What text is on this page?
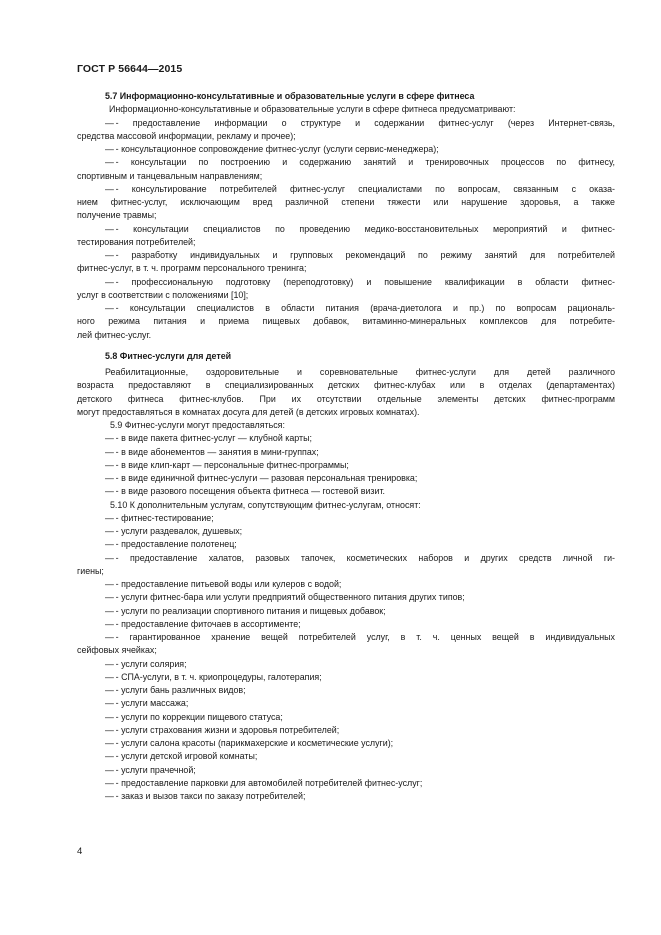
ГОСТ Р 56644—2015
5.7 Информационно-консультативные и образовательные услуги в сфере фитнеса
Информационно-консультативные и образовательные услуги в сфере фитнеса предусматривают:
— - предоставление информации о структуре и содержании фитнес-услуг (через Интернет-связь,
средства массовой информации, рекламу и прочее);
— - консультационное сопровождение фитнес-услуг (услуги сервис-менеджера);
— - консультации по построению и содержанию занятий и тренировочных процессов по фитнесу,
спортивным и танцевальным направлениям;
— - консультирование потребителей фитнес-услуг специалистами по вопросам, связанным с оказа-
нием фитнес-услуг, исключающим вред различной степени тяжести или нарушение здоровья, а также
получение травмы;
— - консультации специалистов по проведению медико-восстановительных мероприятий и фитнес-
тестирования потребителей;
— - разработку индивидуальных и групповых рекомендаций по режиму занятий для потребителей
фитнес-услуг, в т. ч. программ персонального тренинга;
— - профессиональную подготовку (переподготовку) и повышение квалификации в области фитнес-
услуг в соответствии с положениями [10];
— - консультации специалистов в области питания (врача-диетолога и пр.) по вопросам рациональ-
ного режима питания и приема пищевых добавок, витаминно-минеральных комплексов для потребите-
лей фитнес-услуг.
5.8 Фитнес-услуги для детей
Реабилитационные, оздоровительные и соревновательные фитнес-услуги для детей различного
возраста предоставляют в специализированных детских фитнес-клубах или в отделах (департаментах)
детского фитнеса фитнес-клубов. При их отсутствии отдельные элементы детских фитнес-программ
могут предоставляться в комнатах досуга для детей (в детских игровых комнатах).
5.9 Фитнес-услуги могут предоставляться:
— - в виде пакета фитнес-услуг — клубной карты;
— - в виде абонементов — занятия в мини-группах;
— - в виде клип-карт — персональные фитнес-программы;
— - в виде единичной фитнес-услуги — разовая персональная тренировка;
— - в виде разового посещения объекта фитнеса — гостевой визит.
5.10 К дополнительным услугам, сопутствующим фитнес-услугам, относят:
— - фитнес-тестирование;
— - услуги раздевалок, душевых;
— - предоставление полотенец;
— - предоставление халатов, разовых тапочек, косметических наборов и других средств личной ги-
гиены;
— - предоставление питьевой воды или кулеров с водой;
— - услуги фитнес-бара или услуги предприятий общественного питания других типов;
— - услуги по реализации спортивного питания и пищевых добавок;
— - предоставление фиточаев в ассортименте;
— - гарантированное хранение вещей потребителей услуг, в т. ч. ценных вещей в индивидуальных
сейфовых ячейках;
— - услуги солярия;
— - СПА-услуги, в т. ч. криопроцедуры, галотерапия;
— - услуги бань различных видов;
— - услуги массажа;
— - услуги по коррекции пищевого статуса;
— - услуги страхования жизни и здоровья потребителей;
— - услуги салона красоты (парикмахерские и косметические услуги);
— - услуги детской игровой комнаты;
— - услуги прачечной;
— - предоставление парковки для автомобилей потребителей фитнес-услуг;
— - заказ и вызов такси по заказу потребителей;
4
